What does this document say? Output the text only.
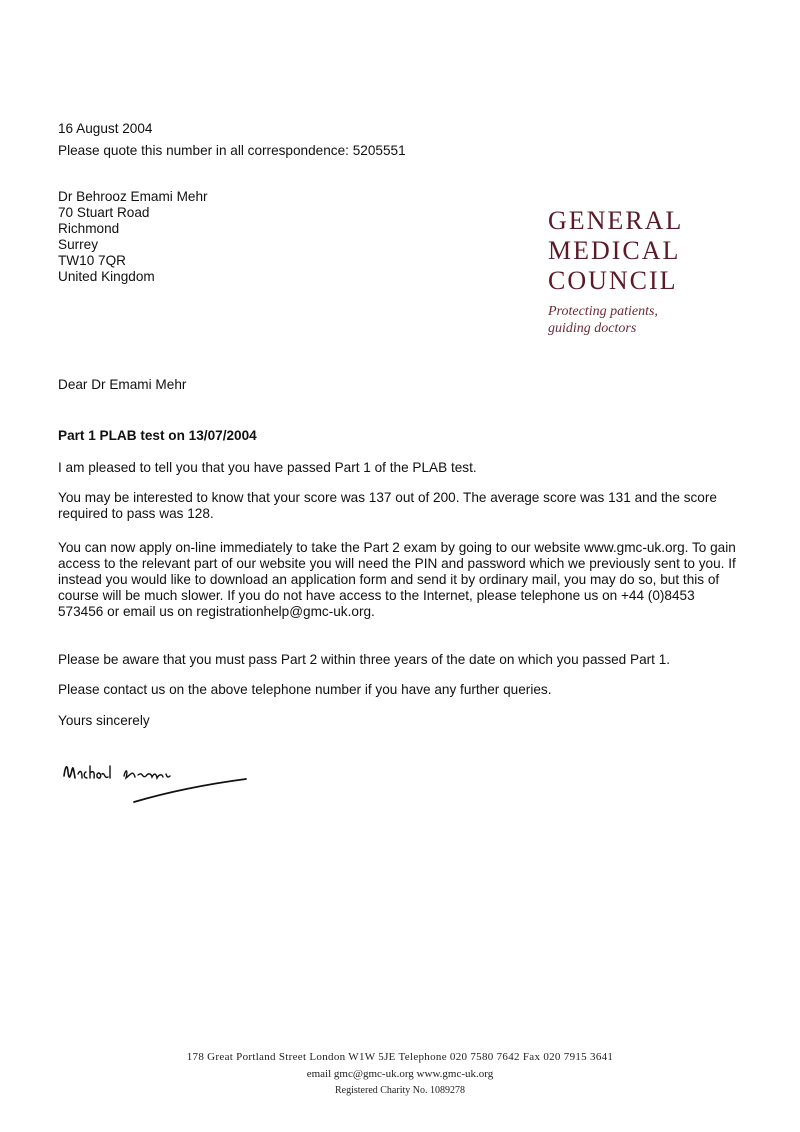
16 August 2004
Please quote this number in all correspondence: 5205551
Dr Behrooz Emami Mehr
70 Stuart Road
Richmond
Surrey
TW10 7QR
United Kingdom
GENERAL
MEDICAL
COUNCIL
Protecting patients,
guiding doctors
Dear Dr Emami Mehr
Part 1 PLAB test on 13/07/2004
I am pleased to tell you that you have passed Part 1 of the PLAB test.
You may be interested to know that your score was 137 out of 200. The average score was 131 and the score required to pass was 128.
You can now apply on-line immediately to take the Part 2 exam by going to our website www.gmc-uk.org. To gain access to the relevant part of our website you will need the PIN and password which we previously sent to you. If instead you would like to download an application form and send it by ordinary mail, you may do so, but this of course will be much slower. If you do not have access to the Internet, please telephone us on +44 (0)8453 573456 or email us on registrationhelp@gmc-uk.org.
Please be aware that you must pass Part 2 within three years of the date on which you passed Part 1.
Please contact us on the above telephone number if you have any further queries.
Yours sincerely
178 Great Portland Street London W1W 5JE Telephone 020 7580 7642 Fax 020 7915 3641
email gmc@gmc-uk.org www.gmc-uk.org
Registered Charity No. 1089278
